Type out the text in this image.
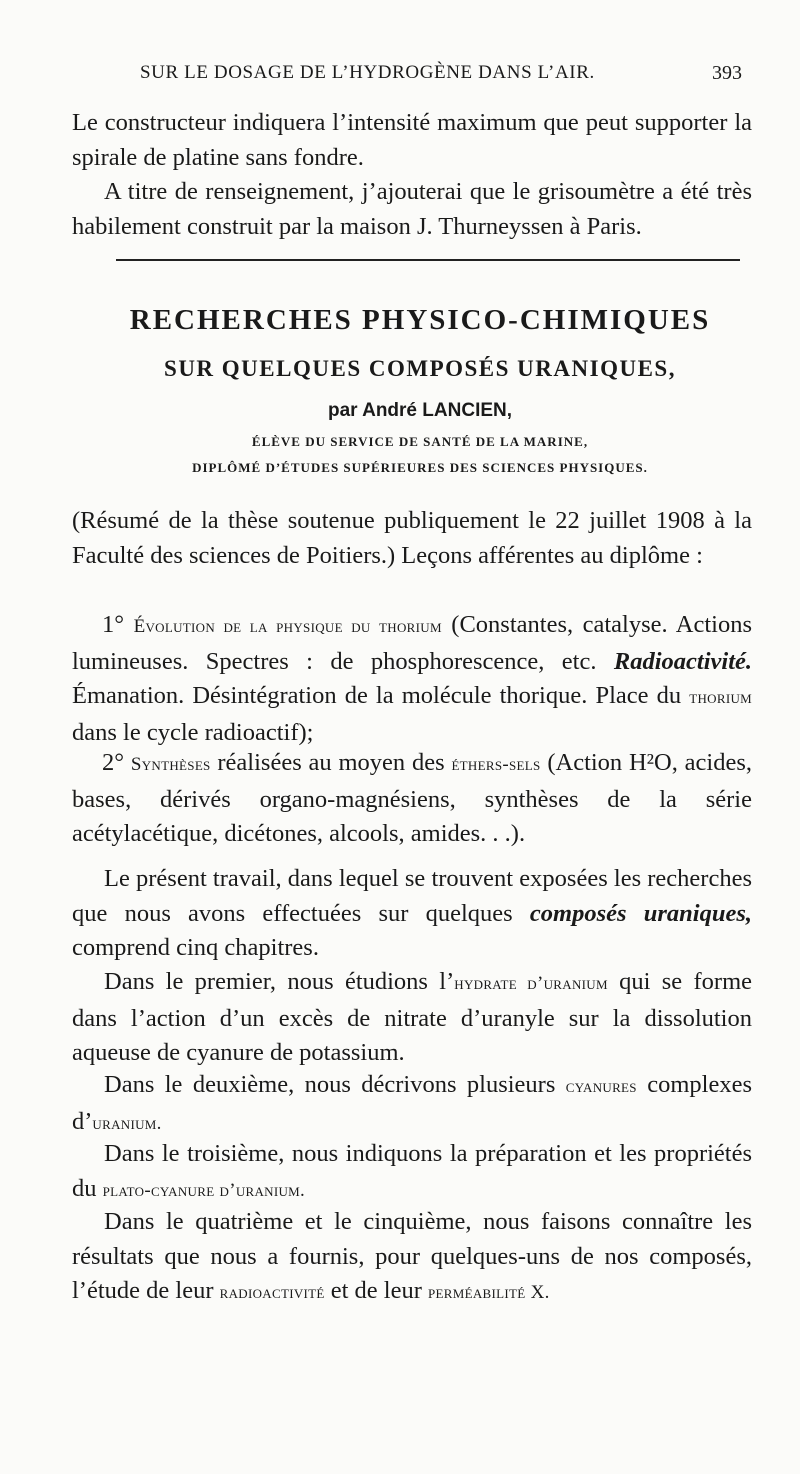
SUR LE DOSAGE DE L’HYDROGÈNE DANS L’AIR.	393

Le constructeur indiquera l’intensité maximum que peut supporter la spirale de platine sans fondre.

A titre de renseignement, j’ajouterai que le grisoumètre a été très habilement construit par la maison J. Thurneyssen à Paris.

RECHERCHES PHYSICO-CHIMIQUES
SUR QUELQUES COMPOSÉS URANIQUES,
par André LANCIEN,
ÉLÈVE DU SERVICE DE SANTÉ DE LA MARINE,
DIPLÔMÉ D’ÉTUDES SUPÉRIEURES DES SCIENCES PHYSIQUES.

(Résumé de la thèse soutenue publiquement le 22 juillet 1908 à la Faculté des sciences de Poitiers.) Leçons afférentes au diplôme :

1° Évolution de la physique du thorium (Constantes, catalyse. Actions lumineuses. Spectres : de phosphorescence, etc. Radioactivité. Émanation. Désintégration de la molécule thorique. Place du thorium dans le cycle radioactif);

2° Synthèses réalisées au moyen des éthers-sels (Action H²O, acides, bases, dérivés organo-magnésiens, synthèses de la série acétylacétique, dicétones, alcools, amides. . .).

Le présent travail, dans lequel se trouvent exposées les recherches que nous avons effectuées sur quelques composés uraniques, comprend cinq chapitres.

Dans le premier, nous étudions l’hydrate d’uranium qui se forme dans l’action d’un excès de nitrate d’uranyle sur la dissolution aqueuse de cyanure de potassium.

Dans le deuxième, nous décrivons plusieurs cyanures complexes d’uranium.

Dans le troisième, nous indiquons la préparation et les propriétés du plato-cyanure d’uranium.

Dans le quatrième et le cinquième, nous faisons connaître les résultats que nous a fournis, pour quelques-uns de nos composés, l’étude de leur radioactivité et de leur perméabilité X.
